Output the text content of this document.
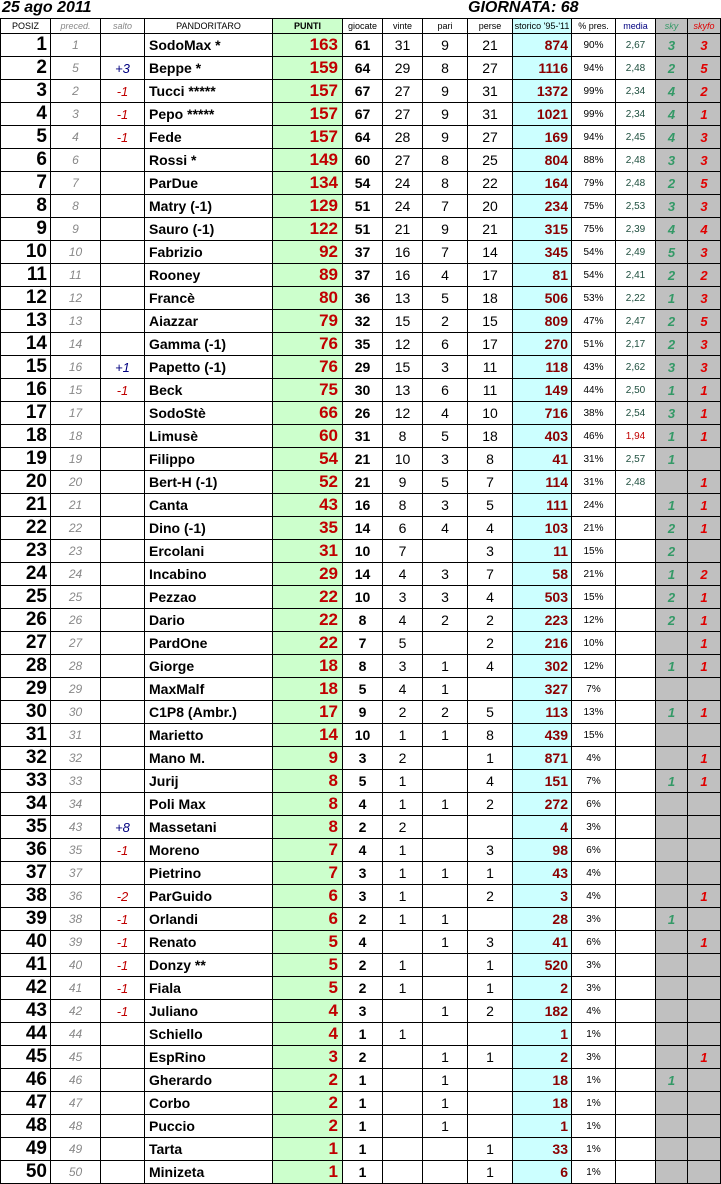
25 ago 2011	GIORNATA: 68
POSIZ	preced.	salto	PANDORITARO	PUNTI	giocate	vinte	pari	perse	storico '95-'11	% pres.	media	sky	skyfo
1	1		SodoMax *	163	61	31	9	21	874	90%	2,67	3	3
2	5	+3	Beppe *	159	64	29	8	27	1116	94%	2,48	2	5
3	2	-1	Tucci *****	157	67	27	9	31	1372	99%	2,34	4	2
4	3	-1	Pepo *****	157	67	27	9	31	1021	99%	2,34	4	1
5	4	-1	Fede	157	64	28	9	27	169	94%	2,45	4	3
6	6		Rossi *	149	60	27	8	25	804	88%	2,48	3	3
7	7		ParDue	134	54	24	8	22	164	79%	2,48	2	5
8	8		Matry (-1)	129	51	24	7	20	234	75%	2,53	3	3
9	9		Sauro (-1)	122	51	21	9	21	315	75%	2,39	4	4
10	10		Fabrizio	92	37	16	7	14	345	54%	2,49	5	3
11	11		Rooney	89	37	16	4	17	81	54%	2,41	2	2
12	12		Francè	80	36	13	5	18	506	53%	2,22	1	3
13	13		Aiazzar	79	32	15	2	15	809	47%	2,47	2	5
14	14		Gamma (-1)	76	35	12	6	17	270	51%	2,17	2	3
15	16	+1	Papetto (-1)	76	29	15	3	11	118	43%	2,62	3	3
16	15	-1	Beck	75	30	13	6	11	149	44%	2,50	1	1
17	17		SodoStè	66	26	12	4	10	716	38%	2,54	3	1
18	18		Limusè	60	31	8	5	18	403	46%	1,94	1	1
19	19		Filippo	54	21	10	3	8	41	31%	2,57	1	
20	20		Bert-H (-1)	52	21	9	5	7	114	31%	2,48		1
21	21		Canta	43	16	8	3	5	111	24%		1	1
22	22		Dino (-1)	35	14	6	4	4	103	21%		2	1
23	23		Ercolani	31	10	7		3	11	15%		2	
24	24		Incabino	29	14	4	3	7	58	21%		1	2
25	25		Pezzao	22	10	3	3	4	503	15%		2	1
26	26		Dario	22	8	4	2	2	223	12%		2	1
27	27		PardOne	22	7	5		2	216	10%			1
28	28		Giorge	18	8	3	1	4	302	12%		1	1
29	29		MaxMalf	18	5	4	1		327	7%			
30	30		C1P8 (Ambr.)	17	9	2	2	5	113	13%		1	1
31	31		Marietto	14	10	1	1	8	439	15%			
32	32		Mano M.	9	3	2		1	871	4%			1
33	33		Jurij	8	5	1		4	151	7%		1	1
34	34		Poli Max	8	4	1	1	2	272	6%			
35	43	+8	Massetani	8	2	2			4	3%			
36	35	-1	Moreno	7	4	1		3	98	6%			
37	37		Pietrino	7	3	1	1	1	43	4%			
38	36	-2	ParGuido	6	3	1		2	3	4%			1
39	38	-1	Orlandi	6	2	1	1		28	3%		1	
40	39	-1	Renato	5	4		1	3	41	6%			1
41	40	-1	Donzy **	5	2	1		1	520	3%			
42	41	-1	Fiala	5	2	1		1	2	3%			
43	42	-1	Juliano	4	3		1	2	182	4%			
44	44		Schiello	4	1	1			1	1%			
45	45		EspRino	3	2		1	1	2	3%			1
46	46		Gherardo	2	1		1		18	1%		1	
47	47		Corbo	2	1		1		18	1%			
48	48		Puccio	2	1		1		1	1%			
49	49		Tarta	1	1			1	33	1%			
50	50		Minizeta	1	1			1	6	1%			
